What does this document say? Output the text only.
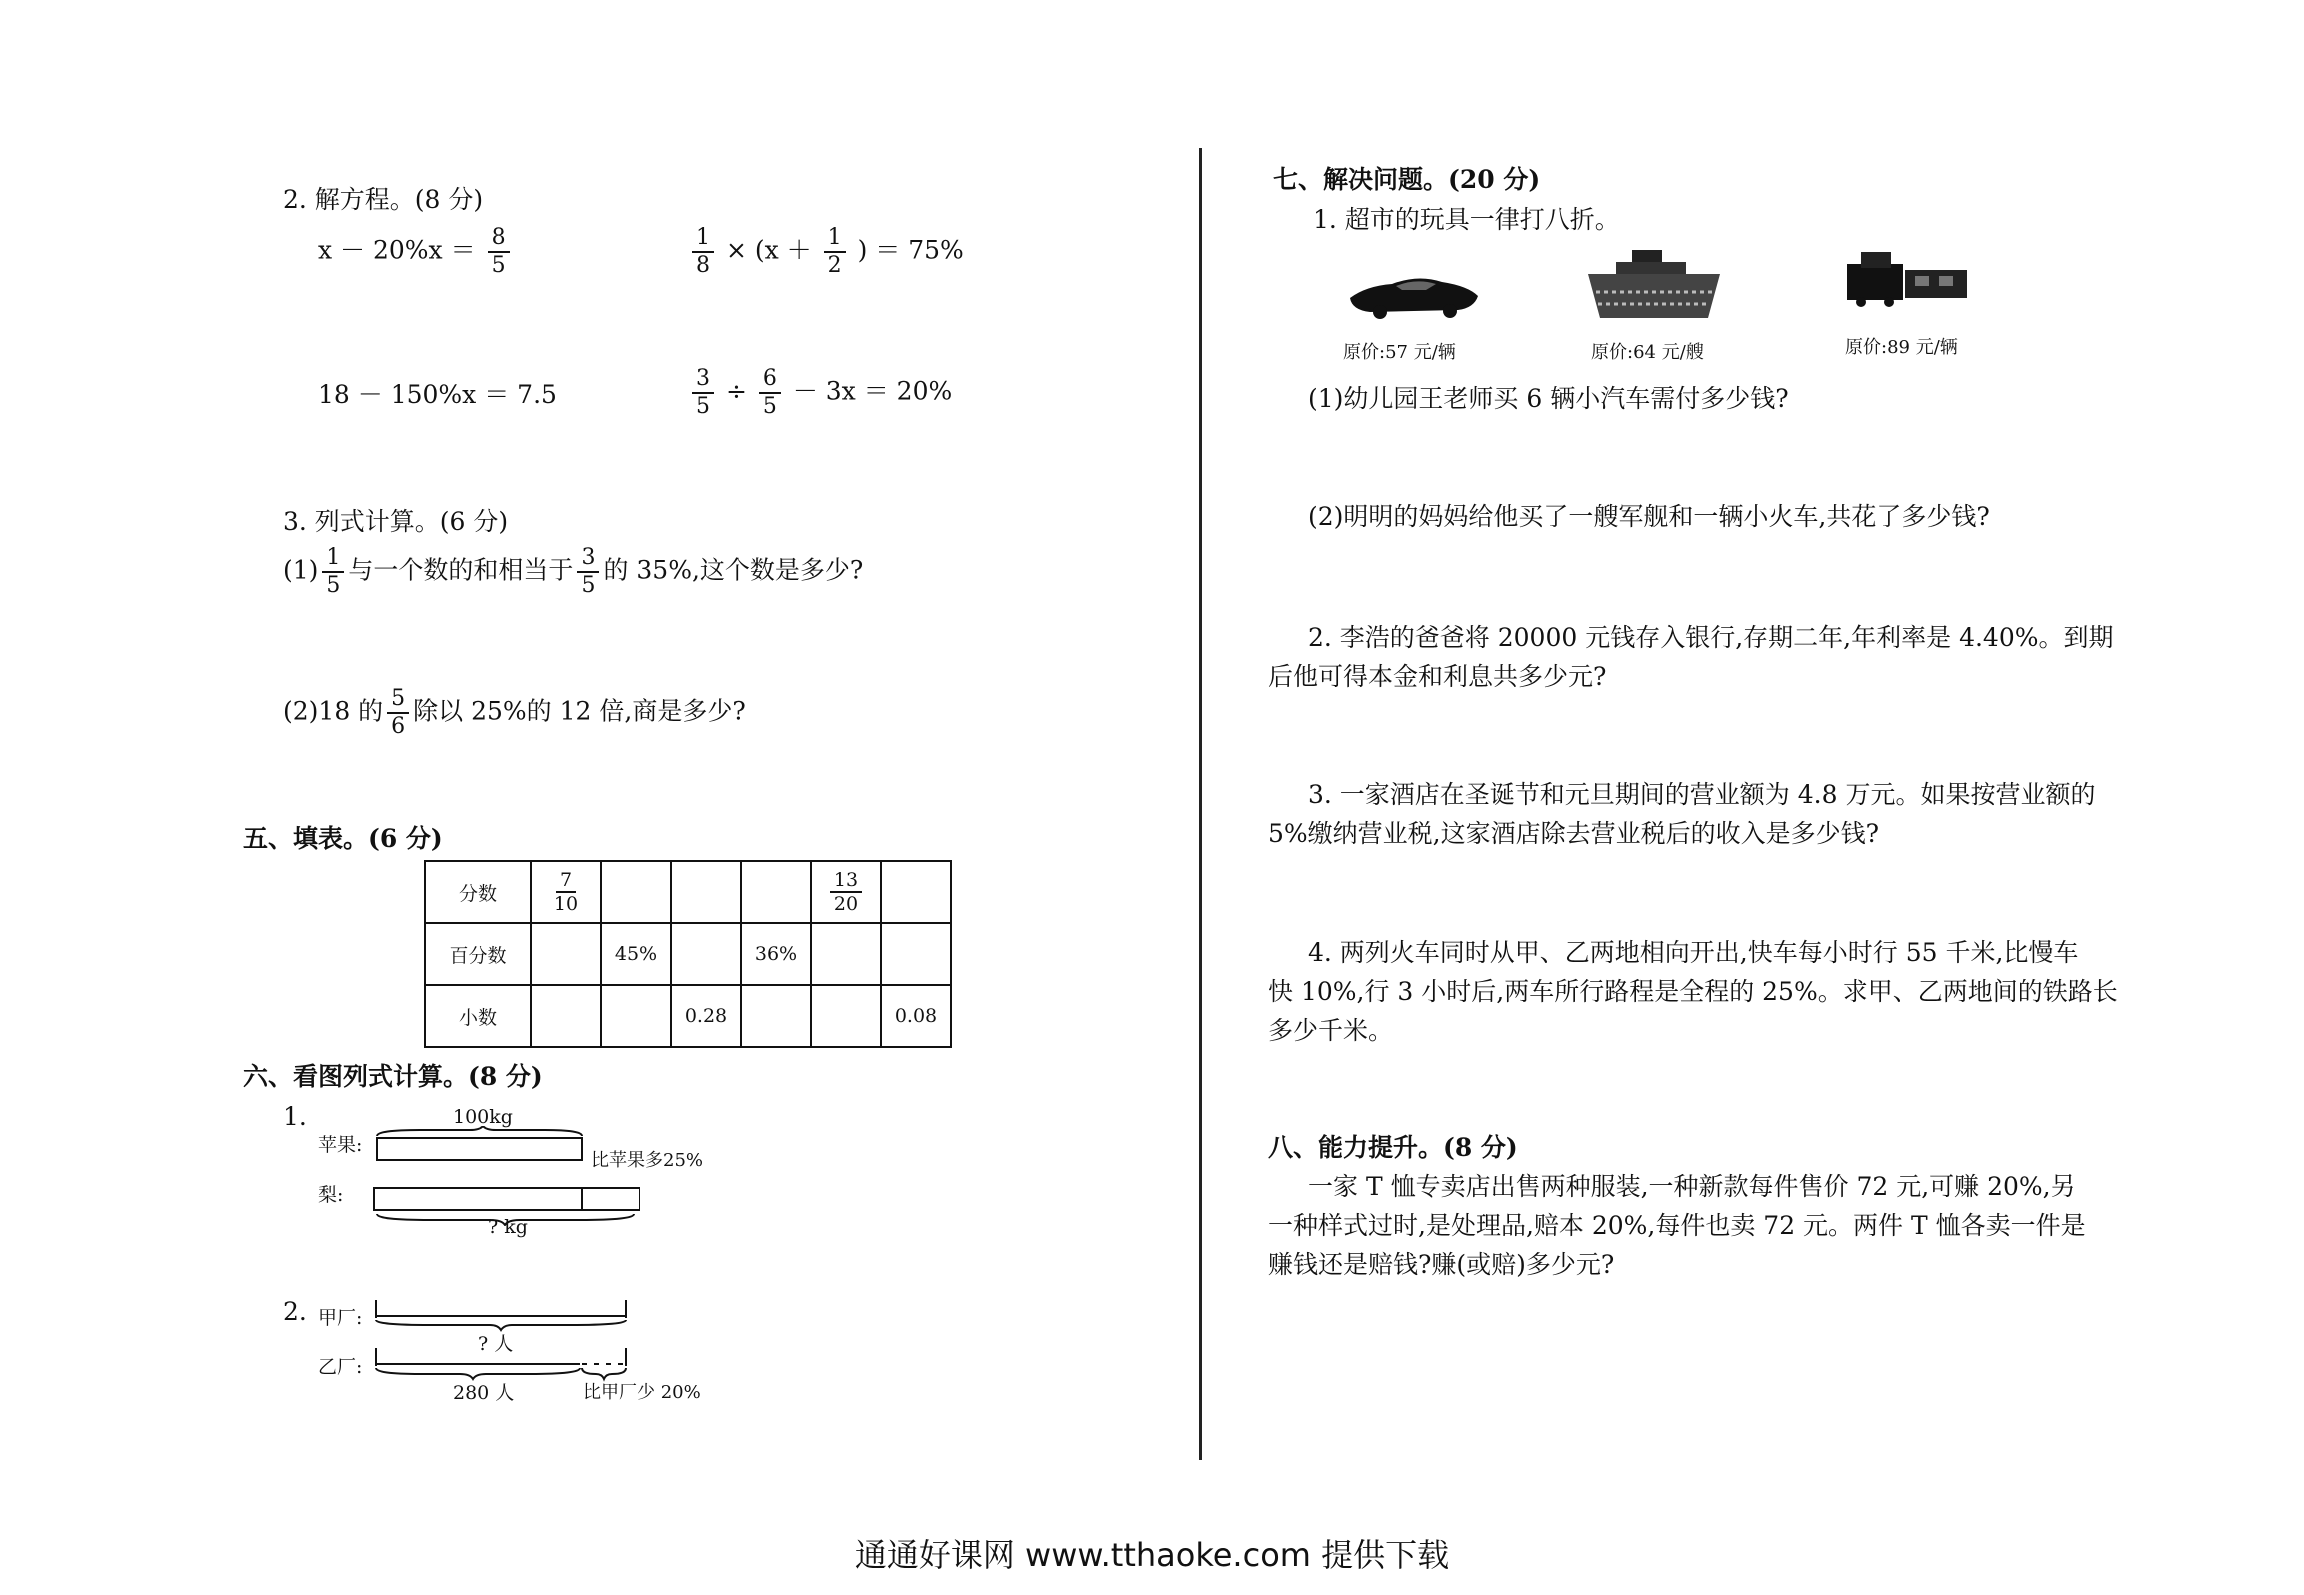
2. 解方程。(8 分)
$x - 20\%x = \frac{8}{5}$	$\frac{1}{8} \times (x + \frac{1}{2}$ ) ＝ 75%
18 － 150%x ＝ 7.5	$\frac{3}{5} \div \frac{6}{5} - 3x = 20\%$
3. 列式计算。(6 分)
$(1) \frac{1}{5}$ 与一个数的和相当于 $\frac{3}{5}$ 的 35%,这个数是多少?
(2)18 的 $\frac{5}{6}$ 除以 25%的 12 倍,商是多少?
五、填表。(6 分)
分数	$\frac{7}{10}$				$\frac{13}{20}$

百分数		45%		36%		
小数			0.28			0.08
六、看图列式计算。(8 分)
1.	100kg
苹果:
梨:
比苹果多25%
? kg
2. 甲厂:
乙厂:
? 人
280 人	比甲厂少 20%
七、解决问题。(20 分)
1. 超市的玩具一律打八折。
原价:57 元/辆	原价:64 元/艘	原价:89 元/辆
(1)幼儿园王老师买 6 辆小汽车需付多少钱?
(2)明明的妈妈给他买了一艘军舰和一辆小火车,共花了多少钱?
2. 李浩的爸爸将 20000 元钱存入银行,存期二年,年利率是 4.40%。到期
后他可得本金和利息共多少元?
3. 一家酒店在圣诞节和元旦期间的营业额为 4.8 万元。如果按营业额的
5%缴纳营业税,这家酒店除去营业税后的收入是多少钱?
4. 两列火车同时从甲、乙两地相向开出,快车每小时行 55 千米,比慢车
快 10%,行 3 小时后,两车所行路程是全程的 25%。求甲、乙两地间的铁路长
多少千米。
八、能力提升。(8 分)
一家 T 恤专卖店出售两种服装,一种新款每件售价 72 元,可赚 20%,另
一种样式过时,是处理品,赔本 20%,每件也卖 72 元。两件 T 恤各卖一件是
赚钱还是赔钱?赚(或赔)多少元?
通通好课网 www.tthaoke.com 提供下载
